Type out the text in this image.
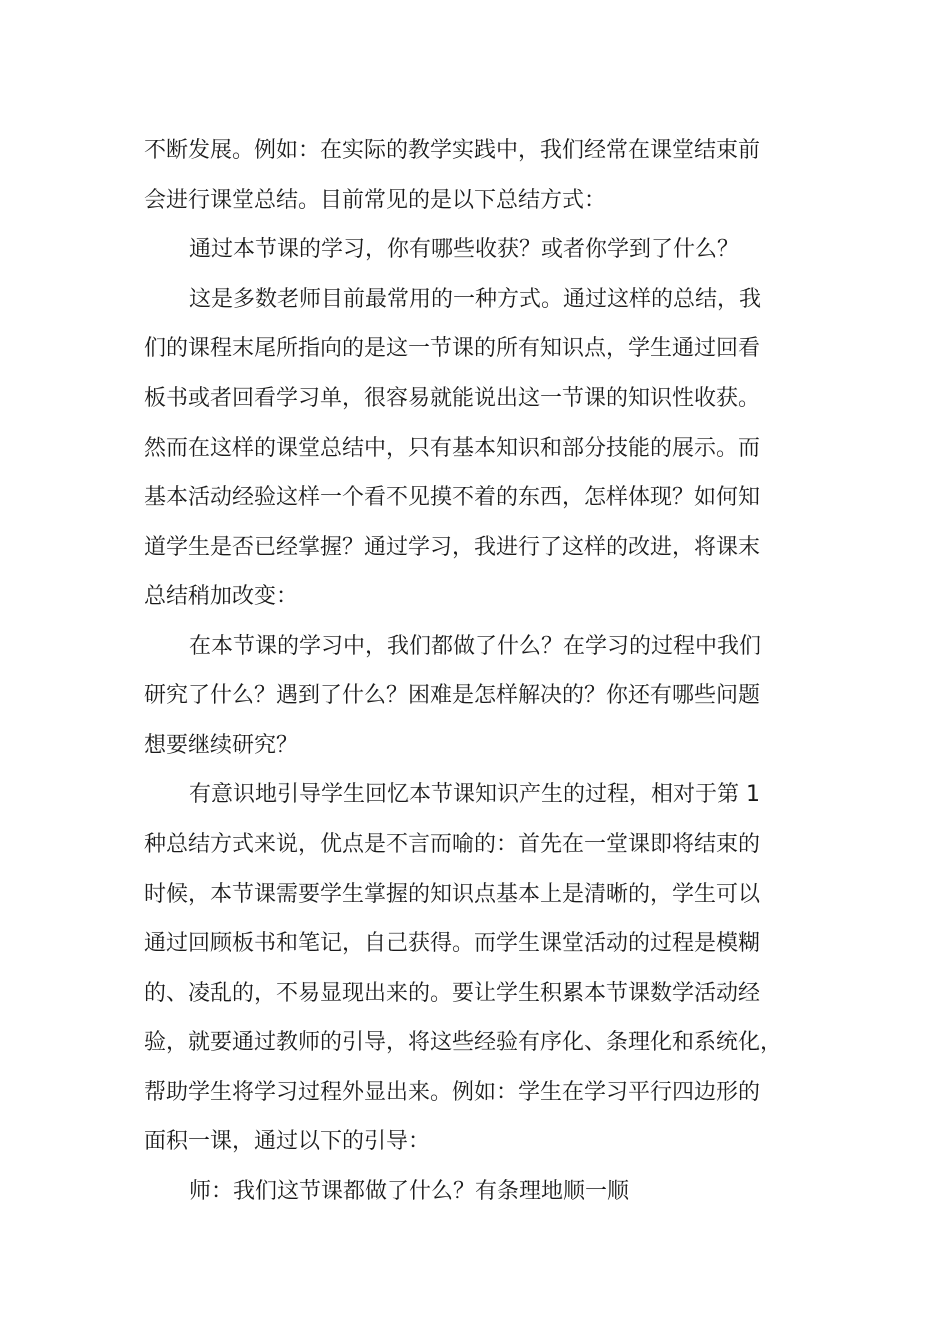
不断发展。例如：在实际的教学实践中，我们经常在课堂结束前
会进行课堂总结。目前常见的是以下总结方式：
通过本节课的学习，你有哪些收获？或者你学到了什么？
这是多数老师目前最常用的一种方式。通过这样的总结，我
们的课程末尾所指向的是这一节课的所有知识点，学生通过回看
板书或者回看学习单，很容易就能说出这一节课的知识性收获。
然而在这样的课堂总结中，只有基本知识和部分技能的展示。而
基本活动经验这样一个看不见摸不着的东西，怎样体现？如何知
道学生是否已经掌握？通过学习，我进行了这样的改进，将课末
总结稍加改变：
在本节课的学习中，我们都做了什么？在学习的过程中我们
研究了什么？遇到了什么？困难是怎样解决的？你还有哪些问题
想要继续研究？
有意识地引导学生回忆本节课知识产生的过程，相对于第 1
种总结方式来说，优点是不言而喻的：首先在一堂课即将结束的
时候，本节课需要学生掌握的知识点基本上是清晰的，学生可以
通过回顾板书和笔记，自己获得。而学生课堂活动的过程是模糊
的、凌乱的，不易显现出来的。要让学生积累本节课数学活动经
验，就要通过教师的引导，将这些经验有序化、条理化和系统化，
帮助学生将学习过程外显出来。例如：学生在学习平行四边形的
面积一课，通过以下的引导：
师：我们这节课都做了什么？有条理地顺一顺
